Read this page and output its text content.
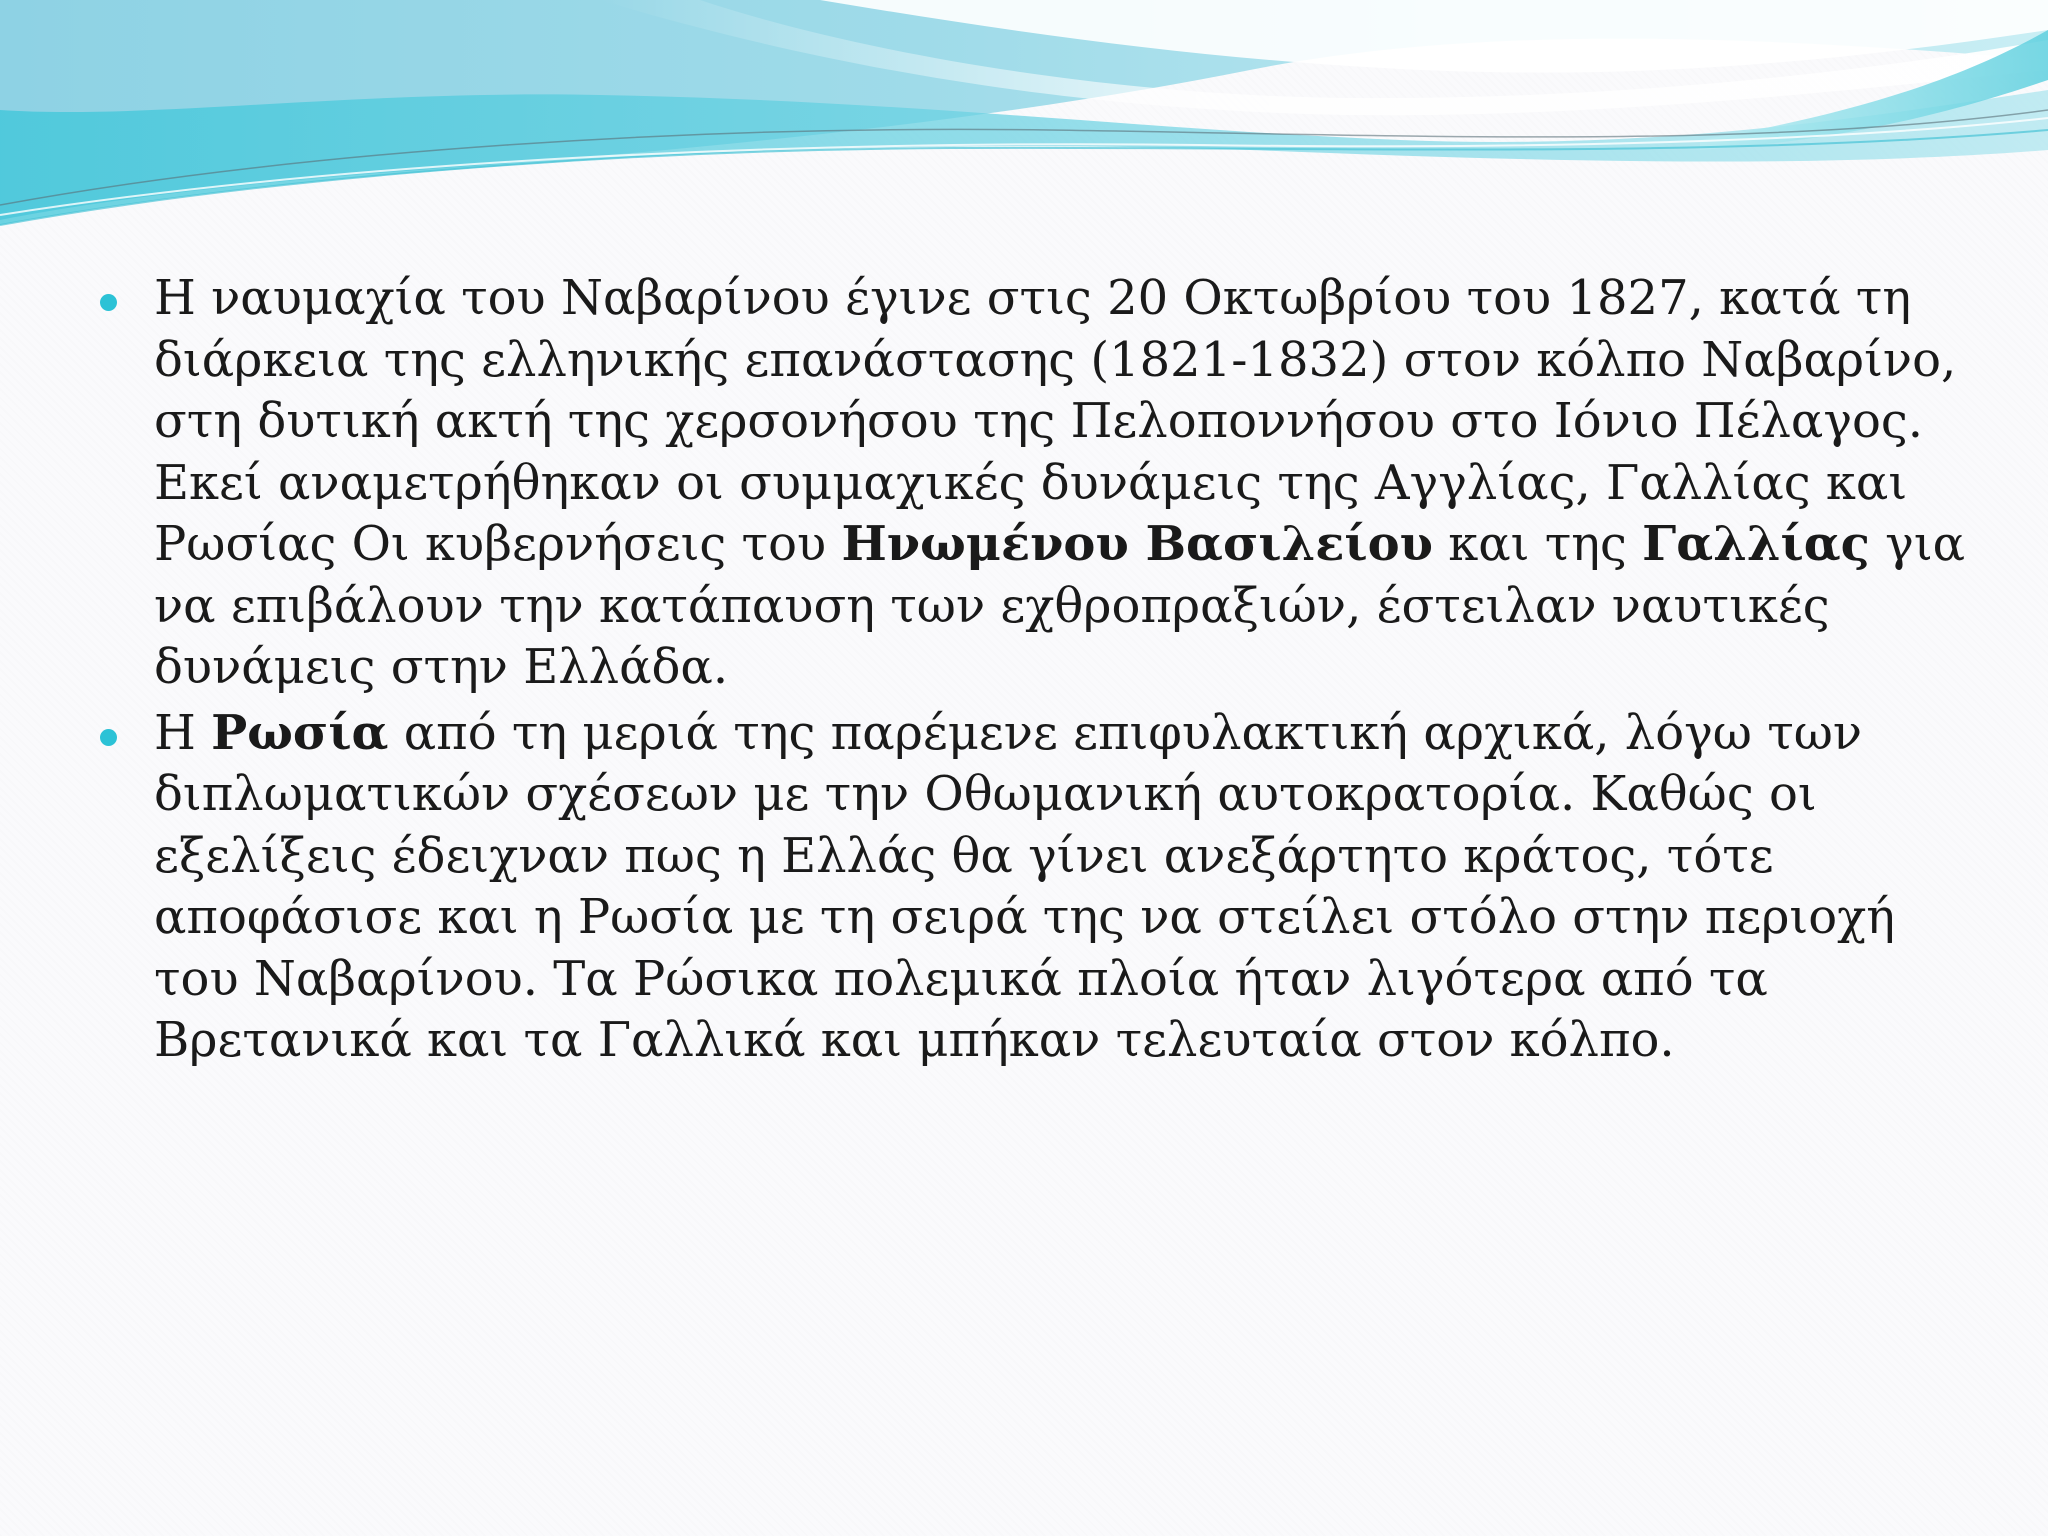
Η ναυμαχία του Ναβαρίνου έγινε στις 20 Οκτωβρίου του 1827, κατά τη διάρκεια της ελληνικής επανάστασης (1821-1832) στον κόλπο Ναβαρίνο, στη δυτική ακτή της χερσονήσου της Πελοποννήσου στο Ιόνιο Πέλαγος. Εκεί αναμετρήθηκαν οι συμμαχικές δυνάμεις της Αγγλίας, Γαλλίας και Ρωσίας Οι κυβερνήσεις του Ηνωμένου Βασιλείου και της Γαλλίας για να επιβάλουν την κατάπαυση των εχθροπραξιών, έστειλαν ναυτικές δυνάμεις στην Ελλάδα.
Η Ρωσία από τη μεριά της παρέμενε επιφυλακτική αρχικά, λόγω των διπλωματικών σχέσεων με την Οθωμανική αυτοκρατορία. Καθώς οι εξελίξεις έδειχναν πως η Ελλάς θα γίνει ανεξάρτητο κράτος, τότε αποφάσισε και η Ρωσία με τη σειρά της να στείλει στόλο στην περιοχή του Ναβαρίνου. Τα Ρώσικα πολεμικά πλοία ήταν λιγότερα από τα Βρετανικά και τα Γαλλικά και μπήκαν τελευταία στον κόλπο.
